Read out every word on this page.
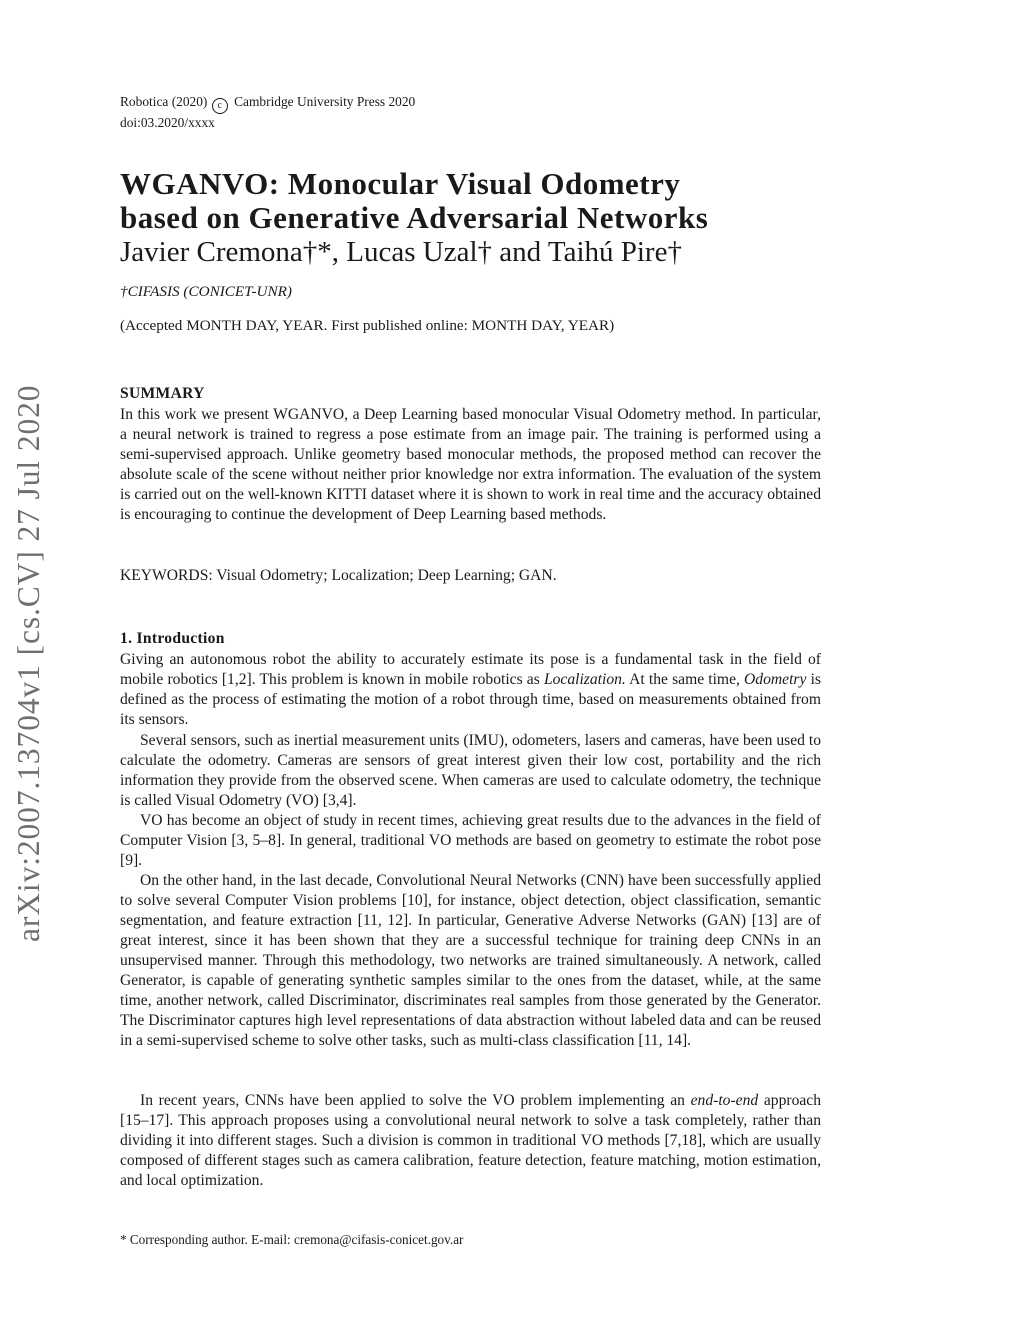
arXiv:2007.13704v1 [cs.CV] 27 Jul 2020
Robotica (2020) c Cambridge University Press 2020
doi:03.2020/xxxx
WGANVO: Monocular Visual Odometry
based on Generative Adversarial Networks
Javier Cremona†*, Lucas Uzal† and Taihú Pire†
†CIFASIS (CONICET-UNR)
(Accepted MONTH DAY, YEAR. First published online: MONTH DAY, YEAR)
SUMMARY
In this work we present WGANVO, a Deep Learning based monocular Visual Odometry method. In particular, a neural network is trained to regress a pose estimate from an image pair. The training is performed using a semi-supervised approach. Unlike geometry based monocular methods, the proposed method can recover the absolute scale of the scene without neither prior knowledge nor extra information. The evaluation of the system is carried out on the well-known KITTI dataset where it is shown to work in real time and the accuracy obtained is encouraging to continue the development of Deep Learning based methods.
KEYWORDS: Visual Odometry; Localization; Deep Learning; GAN.
1. Introduction
Giving an autonomous robot the ability to accurately estimate its pose is a fundamental task in the field of mobile robotics [1,2]. This problem is known in mobile robotics as Localization. At the same time, Odometry is defined as the process of estimating the motion of a robot through time, based on measurements obtained from its sensors.
Several sensors, such as inertial measurement units (IMU), odometers, lasers and cameras, have been used to calculate the odometry. Cameras are sensors of great interest given their low cost, portability and the rich information they provide from the observed scene. When cameras are used to calculate odometry, the technique is called Visual Odometry (VO) [3,4].
VO has become an object of study in recent times, achieving great results due to the advances in the field of Computer Vision [3, 5–8]. In general, traditional VO methods are based on geometry to estimate the robot pose [9].
On the other hand, in the last decade, Convolutional Neural Networks (CNN) have been successfully applied to solve several Computer Vision problems [10], for instance, object detection, object classification, semantic segmentation, and feature extraction [11, 12]. In particular, Generative Adverse Networks (GAN) [13] are of great interest, since it has been shown that they are a successful technique for training deep CNNs in an unsupervised manner. Through this methodology, two networks are trained simultaneously. A network, called Generator, is capable of generating synthetic samples similar to the ones from the dataset, while, at the same time, another network, called Discriminator, discriminates real samples from those generated by the Generator. The Discriminator captures high level representations of data abstraction without labeled data and can be reused in a semi-supervised scheme to solve other tasks, such as multi-class classification [11, 14].
In recent years, CNNs have been applied to solve the VO problem implementing an end-to-end approach [15–17]. This approach proposes using a convolutional neural network to solve a task completely, rather than dividing it into different stages. Such a division is common in traditional VO methods [7,18], which are usually composed of different stages such as camera calibration, feature detection, feature matching, motion estimation, and local optimization.
* Corresponding author. E-mail: cremona@cifasis-conicet.gov.ar
